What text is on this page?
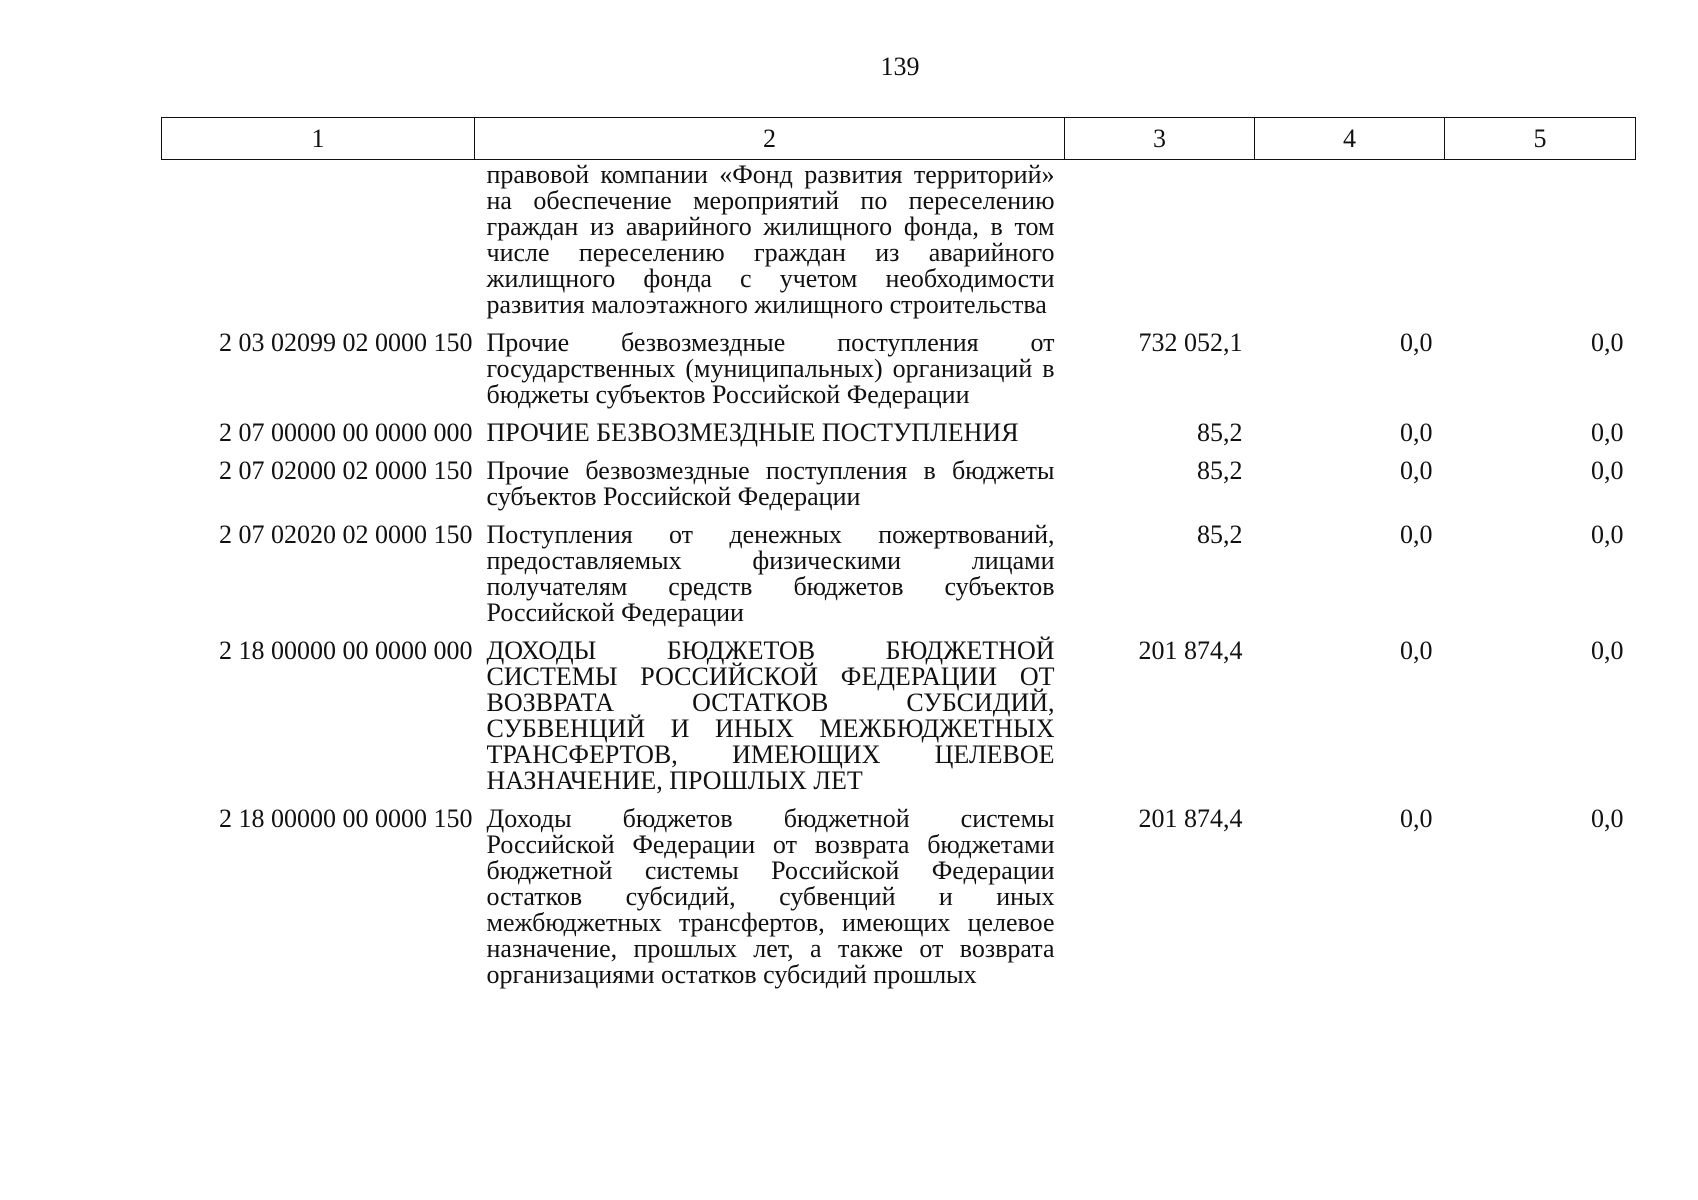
139
1	2	3	4	5
	правовой компании «Фонд развития территорий» на обеспечение мероприятий по переселению граждан из аварийного жилищного фонда, в том числе переселению граждан из аварийного жилищного фонда с учетом необходимости развития малоэтажного жилищного строительства			
2 03 02099 02 0000 150	Прочие безвозмездные поступления от государственных (муниципальных) организаций в бюджеты субъектов Российской Федерации	732 052,1	0,0	0,0
2 07 00000 00 0000 000	ПРОЧИЕ БЕЗВОЗМЕЗДНЫЕ ПОСТУПЛЕНИЯ	85,2	0,0	0,0
2 07 02000 02 0000 150	Прочие безвозмездные поступления в бюджеты субъектов Российской Федерации	85,2	0,0	0,0
2 07 02020 02 0000 150	Поступления от денежных пожертвований, предоставляемых физическими лицами получателям средств бюджетов субъектов Российской Федерации	85,2	0,0	0,0
2 18 00000 00 0000 000	ДОХОДЫ БЮДЖЕТОВ БЮДЖЕТНОЙ СИСТЕМЫ РОССИЙСКОЙ ФЕДЕРАЦИИ ОТ ВОЗВРАТА ОСТАТКОВ СУБСИДИЙ, СУБВЕНЦИЙ И ИНЫХ МЕЖБЮДЖЕТНЫХ ТРАНСФЕРТОВ, ИМЕЮЩИХ ЦЕЛЕВОЕ НАЗНАЧЕНИЕ, ПРОШЛЫХ ЛЕТ	201 874,4	0,0	0,0
2 18 00000 00 0000 150	Доходы бюджетов бюджетной системы Российской Федерации от возврата бюджетами бюджетной системы Российской Федерации остатков субсидий, субвенций и иных межбюджетных трансфертов, имеющих целевое назначение, прошлых лет, а также от возврата организациями остатков субсидий прошлых	201 874,4	0,0	0,0
